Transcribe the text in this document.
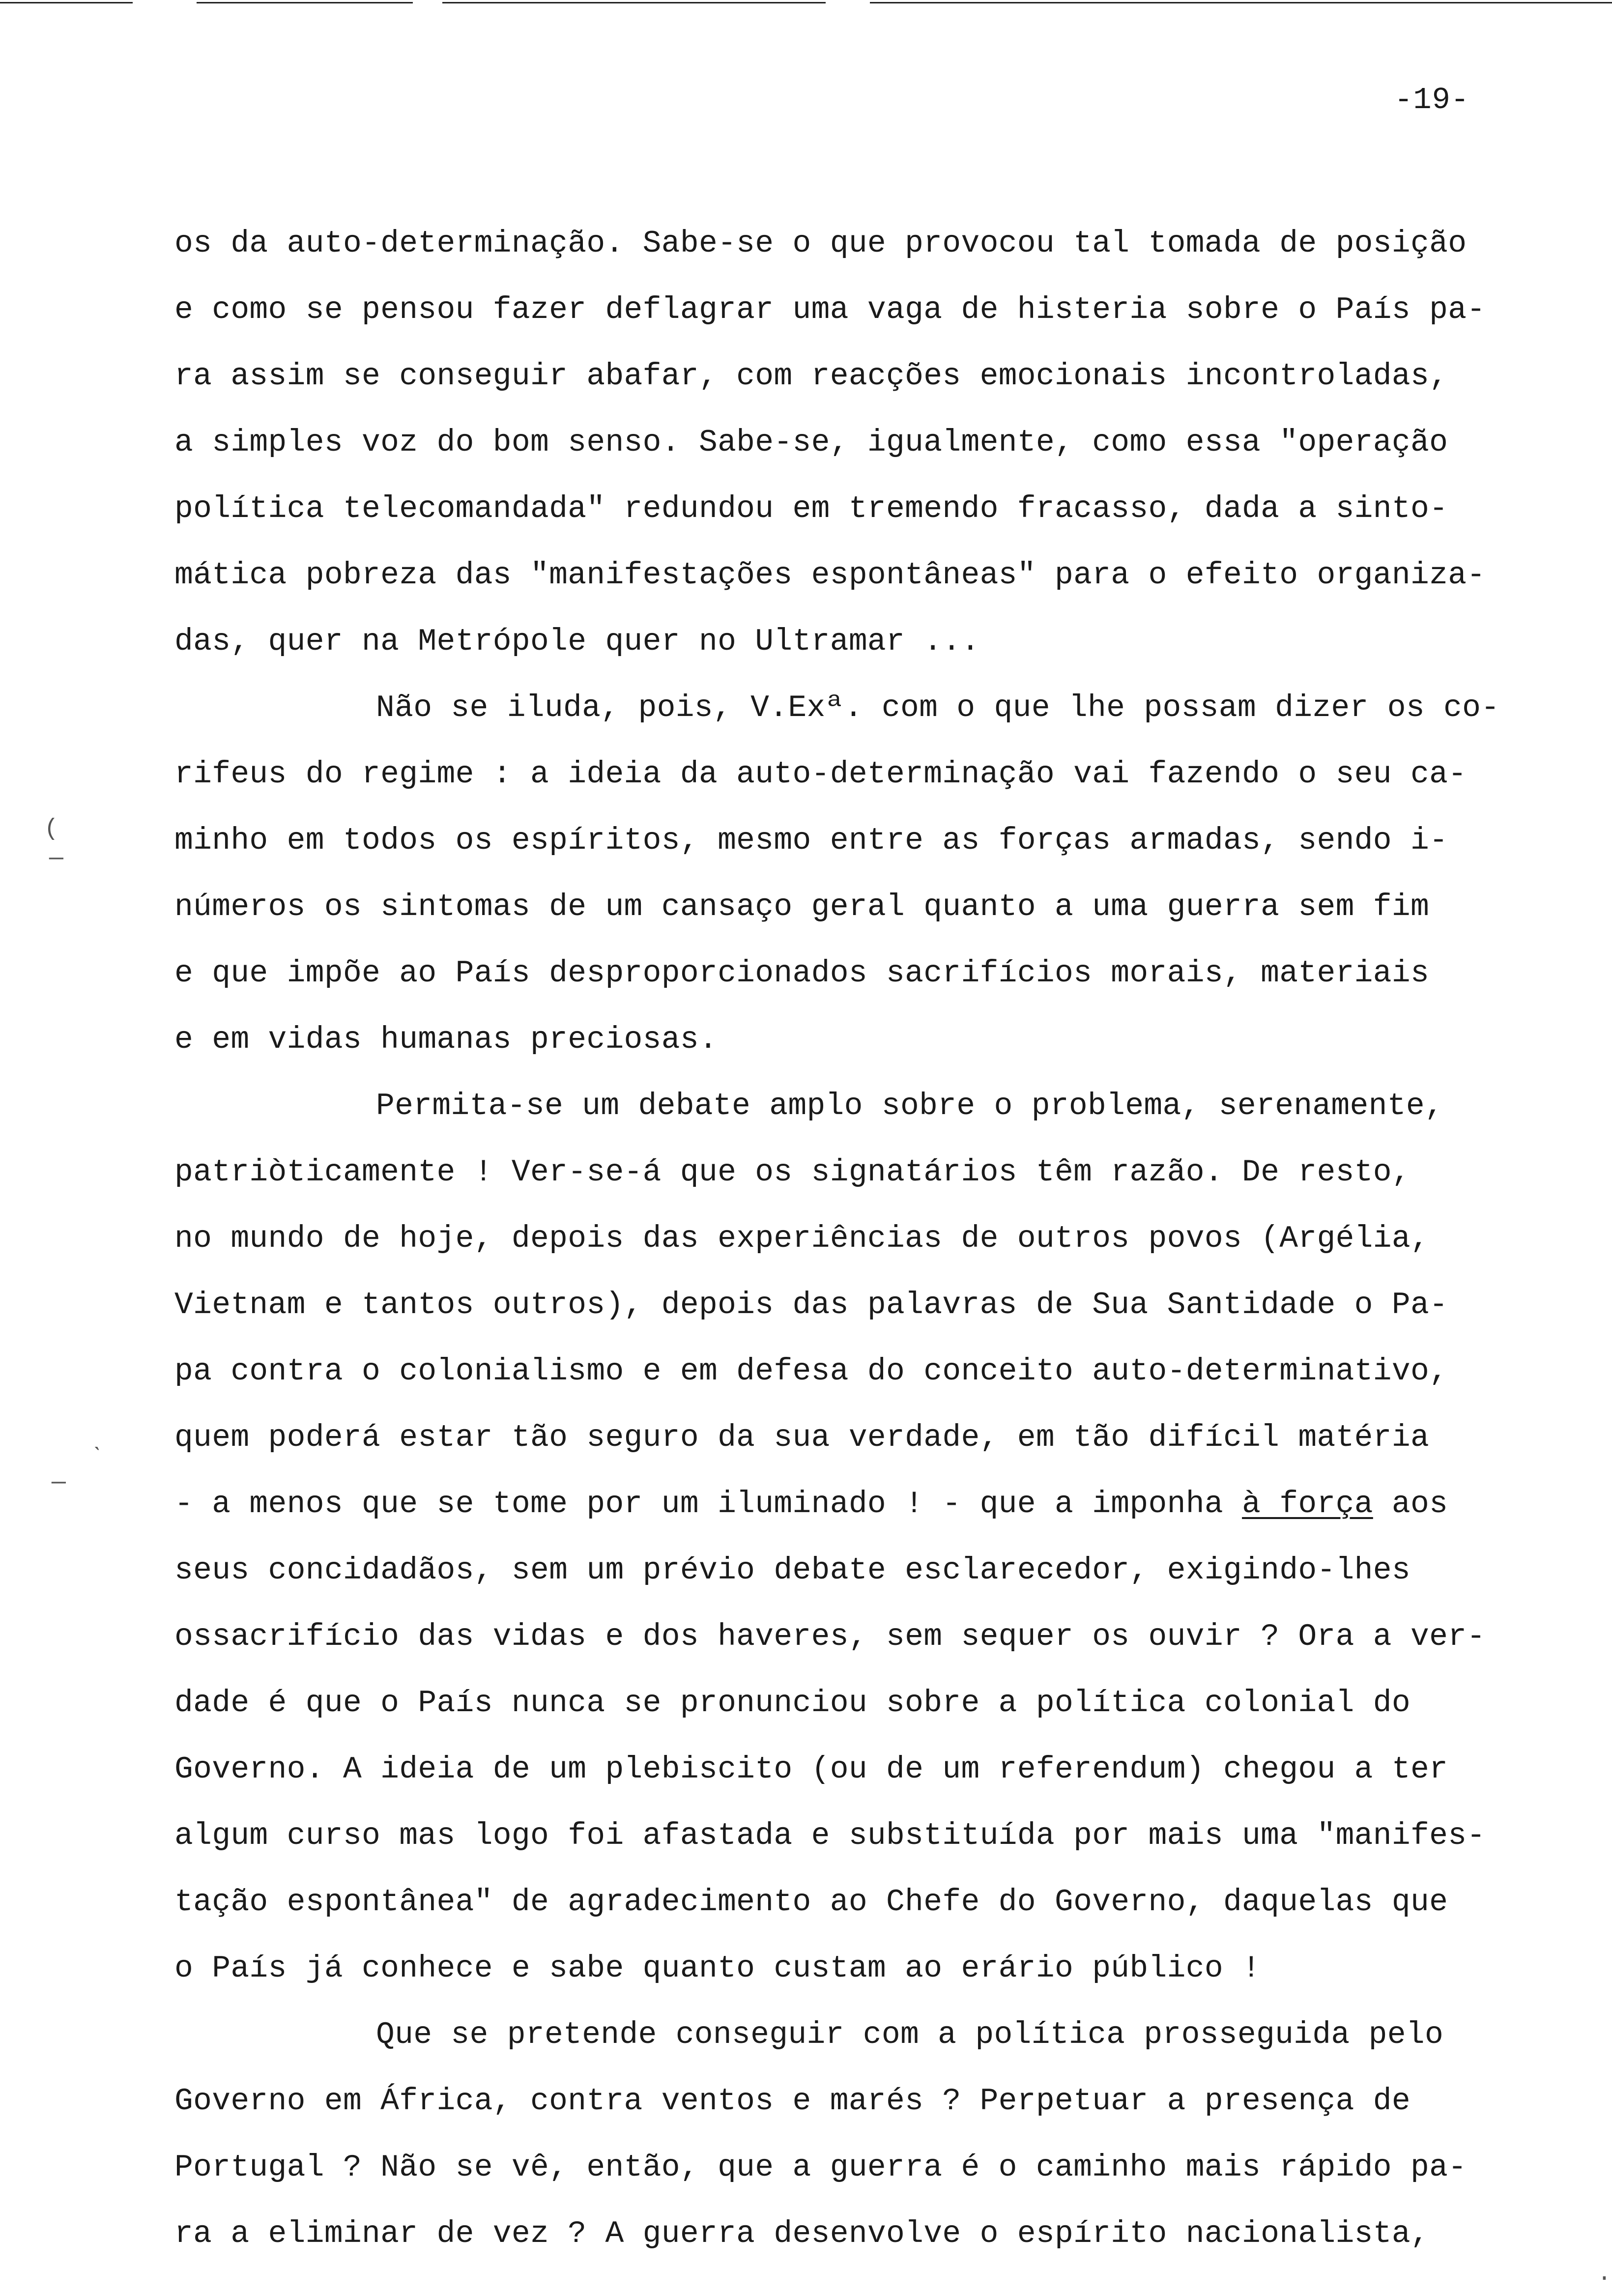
-19-
(
—
ˋ
—
.
os da auto-determinação. Sabe-se o que provocou tal tomada de posição
e como se pensou fazer deflagrar uma vaga de histeria sobre o País pa-
ra assim se conseguir abafar, com reacções emocionais incontroladas,
a simples voz do bom senso. Sabe-se, igualmente, como essa "operação
política telecomandada" redundou em tremendo fracasso, dada a sinto-
mática pobreza das "manifestações espontâneas" para o efeito organiza-
das, quer na Metrópole quer no Ultramar ...
Não se iluda, pois, V.Exª. com o que lhe possam dizer os co-
rifeus do regime : a ideia da auto-determinação vai fazendo o seu ca-
minho em todos os espíritos, mesmo entre as forças armadas, sendo i-
números os sintomas de um cansaço geral quanto a uma guerra sem fim
e que impõe ao País desproporcionados sacrifícios morais, materiais
e em vidas humanas preciosas.
Permita-se um debate amplo sobre o problema, serenamente,
patriòticamente ! Ver-se-á que os signatários têm razão. De resto,
no mundo de hoje, depois das experiências de outros povos (Argélia,
Vietnam e tantos outros), depois das palavras de Sua Santidade o Pa-
pa contra o colonialismo e em defesa do conceito auto-determinativo,
quem poderá estar tão seguro da sua verdade, em tão difícil matéria
- a menos que se tome por um iluminado ! - que a imponha à força aos
seus concidadãos, sem um prévio debate esclarecedor, exigindo-lhes
ossacrifício das vidas e dos haveres, sem sequer os ouvir ? Ora a ver-
dade é que o País nunca se pronunciou sobre a política colonial do
Governo. A ideia de um plebiscito (ou de um referendum) chegou a ter
algum curso mas logo foi afastada e substituída por mais uma "manifes-
tação espontânea" de agradecimento ao Chefe do Governo, daquelas que
o País já conhece e sabe quanto custam ao erário público !
Que se pretende conseguir com a política prosseguida pelo
Governo em África, contra ventos e marés ? Perpetuar a presença de
Portugal ? Não se vê, então, que a guerra é o caminho mais rápido pa-
ra a eliminar de vez ? A guerra desenvolve o espírito nacionalista,
